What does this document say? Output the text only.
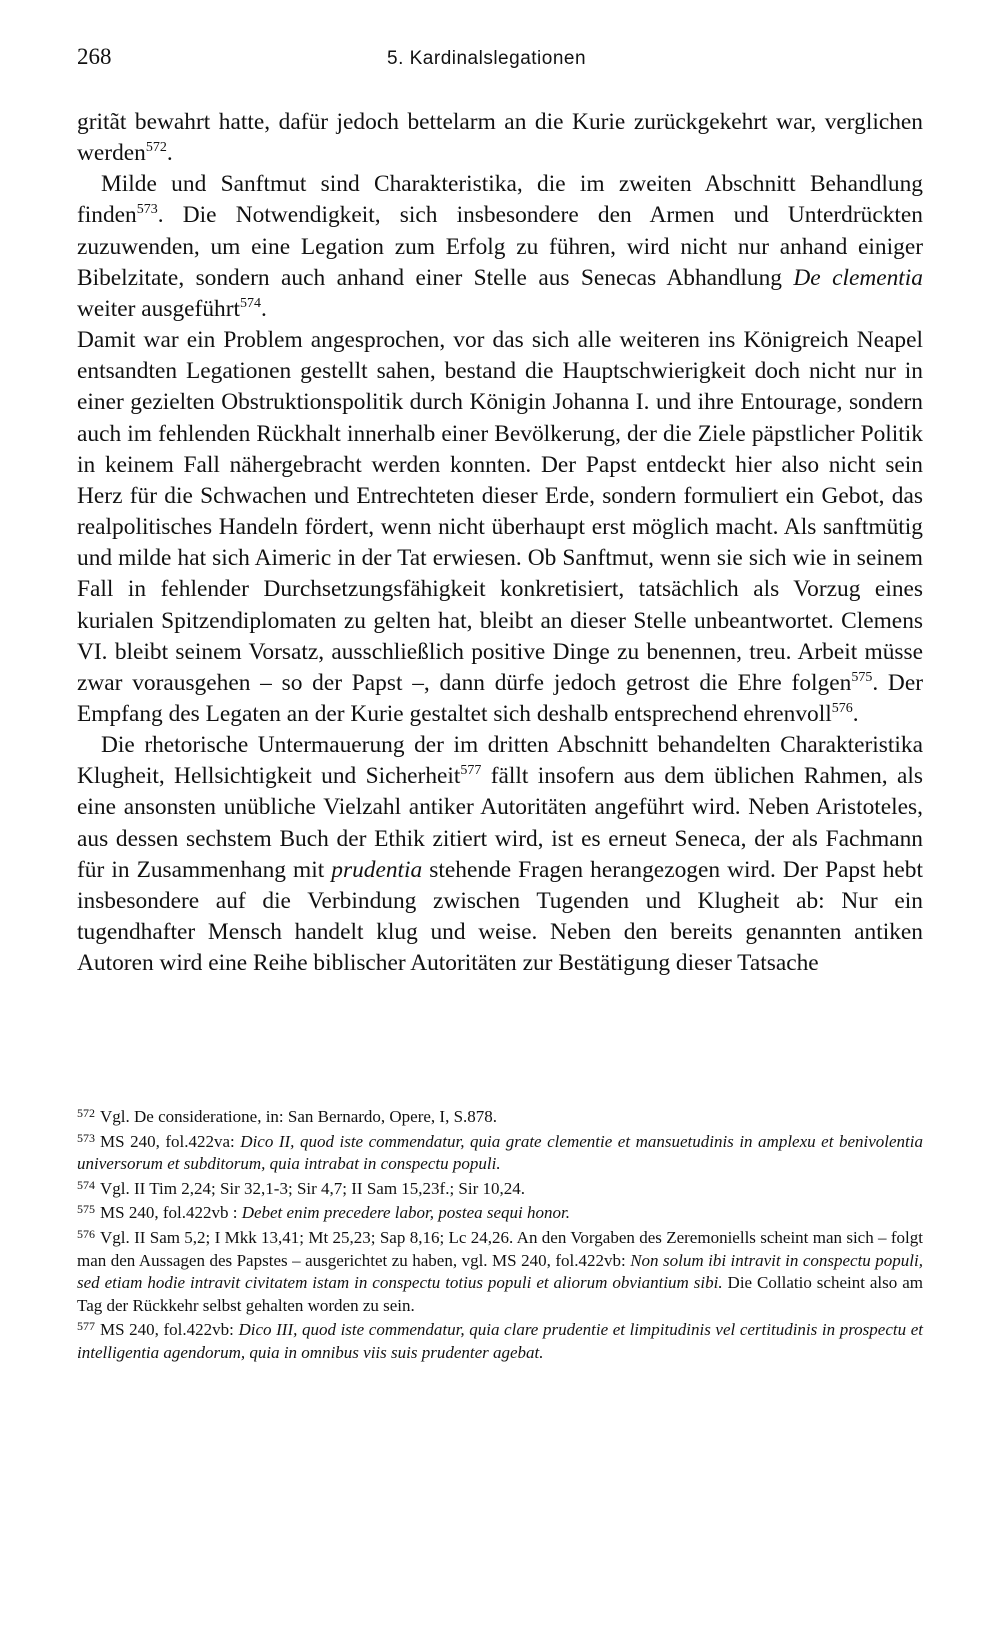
268	5. Kardinalslegationen

gritãt bewahrt hatte, dafür jedoch bettelarm an die Kurie zurückgekehrt war, verglichen werden$^{572}$.

Milde und Sanftmut sind Charakteristika, die im zweiten Abschnitt Behandlung finden$^{573}$. Die Notwendigkeit, sich insbesondere den Armen und Unterdrückten zuzuwenden, um eine Legation zum Erfolg zu führen, wird nicht nur anhand einiger Bibelzitate, sondern auch anhand einer Stelle aus Senecas Abhandlung De clementia weiter ausgeführt$^{574}$.

Damit war ein Problem angesprochen, vor das sich alle weiteren ins Königreich Neapel entsandten Legationen gestellt sahen, bestand die Hauptschwierigkeit doch nicht nur in einer gezielten Obstruktionspolitik durch Königin Johanna I. und ihre Entourage, sondern auch im fehlenden Rückhalt innerhalb einer Bevölkerung, der die Ziele päpstlicher Politik in keinem Fall nähergebracht werden konnten. Der Papst entdeckt hier also nicht sein Herz für die Schwachen und Entrechteten dieser Erde, sondern formuliert ein Gebot, das realpolitisches Handeln fördert, wenn nicht überhaupt erst möglich macht. Als sanftmütig und milde hat sich Aimeric in der Tat erwiesen. Ob Sanftmut, wenn sie sich wie in seinem Fall in fehlender Durchsetzungsfähigkeit konkretisiert, tatsächlich als Vorzug eines kurialen Spitzendiplomaten zu gelten hat, bleibt an dieser Stelle unbeantwortet. Clemens VI. bleibt seinem Vorsatz, ausschließlich positive Dinge zu benennen, treu. Arbeit müsse zwar vorausgehen – so der Papst –, dann dürfe jedoch getrost die Ehre folgen$^{575}$. Der Empfang des Legaten an der Kurie gestaltet sich deshalb entsprechend ehrenvoll$^{576}$.

Die rhetorische Untermauerung der im dritten Abschnitt behandelten Charakteristika Klugheit, Hellsichtigkeit und Sicherheit$^{577}$ fällt insofern aus dem üblichen Rahmen, als eine ansonsten unübliche Vielzahl antiker Autoritäten angeführt wird. Neben Aristoteles, aus dessen sechstem Buch der Ethik zitiert wird, ist es erneut Seneca, der als Fachmann für in Zusammenhang mit prudentia stehende Fragen herangezogen wird. Der Papst hebt insbesondere auf die Verbindung zwischen Tugenden und Klugheit ab: Nur ein tugendhafter Mensch handelt klug und weise. Neben den bereits genannten antiken Autoren wird eine Reihe biblischer Autoritäten zur Bestätigung dieser Tatsache

$^{572}$ Vgl. De consideratione, in: San Bernardo, Opere, I, S.878.
$^{573}$ MS 240, fol.422va: Dico II, quod iste commendatur, quia grate clementie et mansuetudinis in amplexu et benivolentia universorum et subditorum, quia intrabat in conspectu populi.
$^{574}$ Vgl. II Tim 2,24; Sir 32,1-3; Sir 4,7; II Sam 15,23f.; Sir 10,24.
$^{575}$ MS 240, fol.422vb : Debet enim precedere labor, postea sequi honor.
$^{576}$ Vgl. II Sam 5,2; I Mkk 13,41; Mt 25,23; Sap 8,16; Lc 24,26. An den Vorgaben des Zeremoniells scheint man sich – folgt man den Aussagen des Papstes – ausgerichtet zu haben, vgl. MS 240, fol.422vb: Non solum ibi intravit in conspectu populi, sed etiam hodie intravit civitatem istam in conspectu totius populi et aliorum obviantium sibi. Die Collatio scheint also am Tag der Rückkehr selbst gehalten worden zu sein.
$^{577}$ MS 240, fol.422vb: Dico III, quod iste commendatur, quia clare prudentie et limpitudinis vel certitudinis in prospectu et intelligentia agendorum, quia in omnibus viis suis prudenter agebat.
